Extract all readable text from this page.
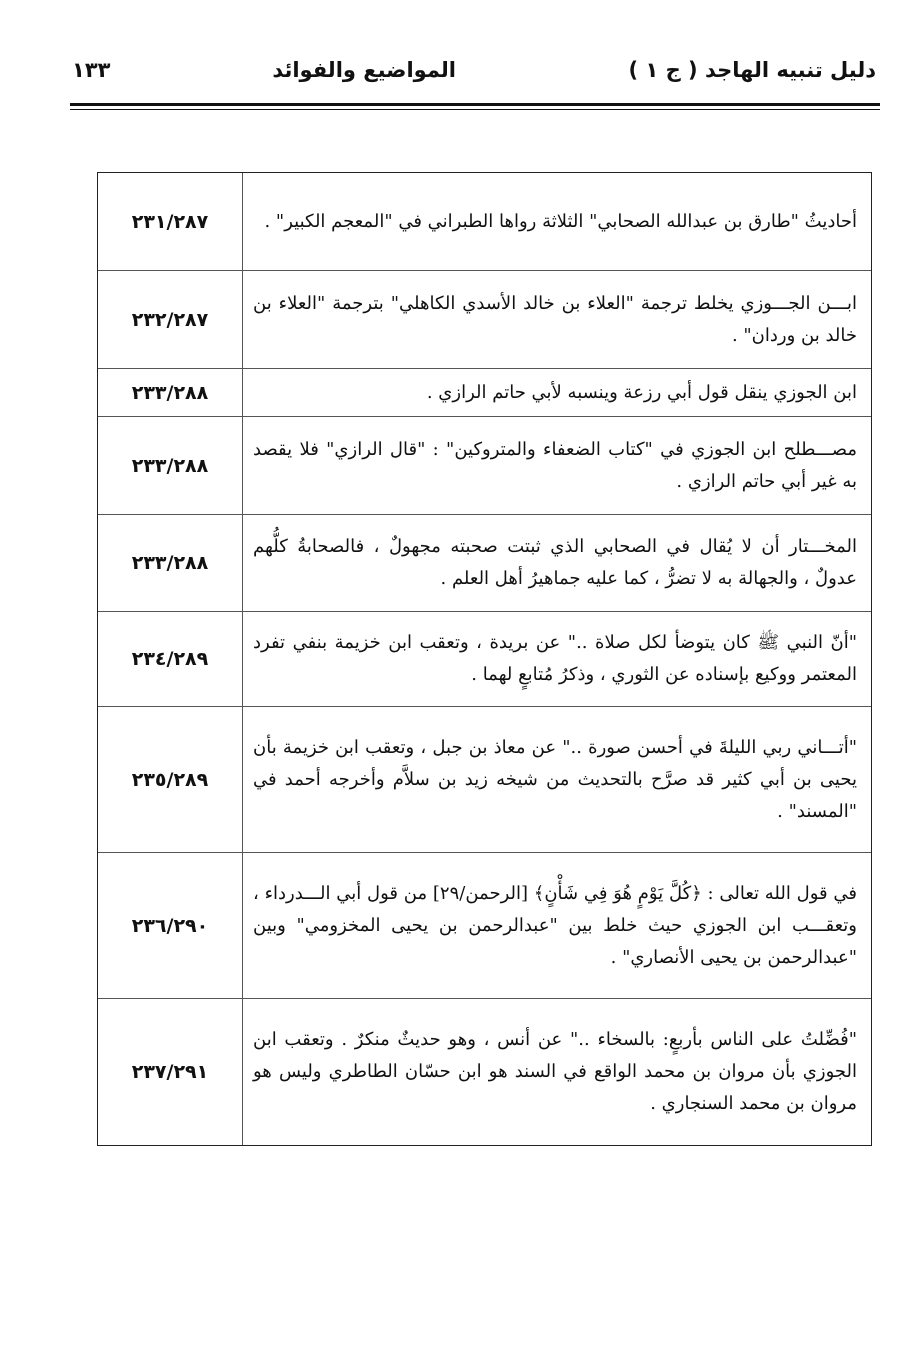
دليل تنبيه الهاجد ( ج ١ )
المواضيع والفوائد
١٣٣
أحاديثُ "طارق بن عبدالله الصحابي" الثلاثة رواها الطبراني في "المعجم الكبير" .
٢٣١/٢٨٧
ابـــن الجـــوزي يخلط ترجمة "العلاء بن خالد الأسدي الكاهلي" بترجمة "العلاء بن خالد بن وردان" .
٢٣٢/٢٨٧
ابن الجوزي ينقل قول أبي رزعة وينسبه لأبي حاتم الرازي .
٢٣٣/٢٨٨
مصـــطلح ابن الجوزي في "كتاب الضعفاء والمتروكين" : "قال الرازي" فلا يقصد به غير أبي حاتم الرازي .
٢٣٣/٢٨٨
المخـــتار أن لا يُقال في الصحابي الذي ثبتت صحبته مجهولٌ ، فالصحابةُ كلُّهم عدولٌ ، والجهالة به لا تضرُّ ، كما عليه جماهيرُ أهل العلم .
٢٣٣/٢٨٨
"أنّ النبي ﷺ كان يتوضأ لكل صلاة .." عن بريدة ، وتعقب ابن خزيمة بنفي تفرد المعتمر ووكيع بإسناده عن الثوري ، وذكرُ مُتابعٍ لهما .
٢٣٤/٢٨٩
"أتـــاني ربي الليلةَ في أحسن صورة .." عن معاذ بن جبل ، وتعقب ابن خزيمة بأن يحيى بن أبي كثير قد صرَّح بالتحديث من شيخه زيد بن سلاَّم وأخرجه أحمد في "المسند" .
٢٣٥/٢٨٩
في قول الله تعالى : ﴿كُلَّ يَوْمٍ هُوَ فِي شَأْنٍ﴾ [الرحمن/٢٩] من قول أبي الـــدرداء ، وتعقـــب ابن الجوزي حيث خلط بين "عبدالرحمن بن يحيى المخزومي" وبين "عبدالرحمن بن يحيى الأنصاري" .
٢٣٦/٢٩٠
"فُضِّلتُ على الناس بأربعٍ: بالسخاء .." عن أنس ، وهو حديثٌ منكرٌ . وتعقب ابن الجوزي بأن مروان بن محمد الواقع في السند هو ابن حسّان الطاطري وليس هو مروان بن محمد السنجاري .
٢٣٧/٢٩١
